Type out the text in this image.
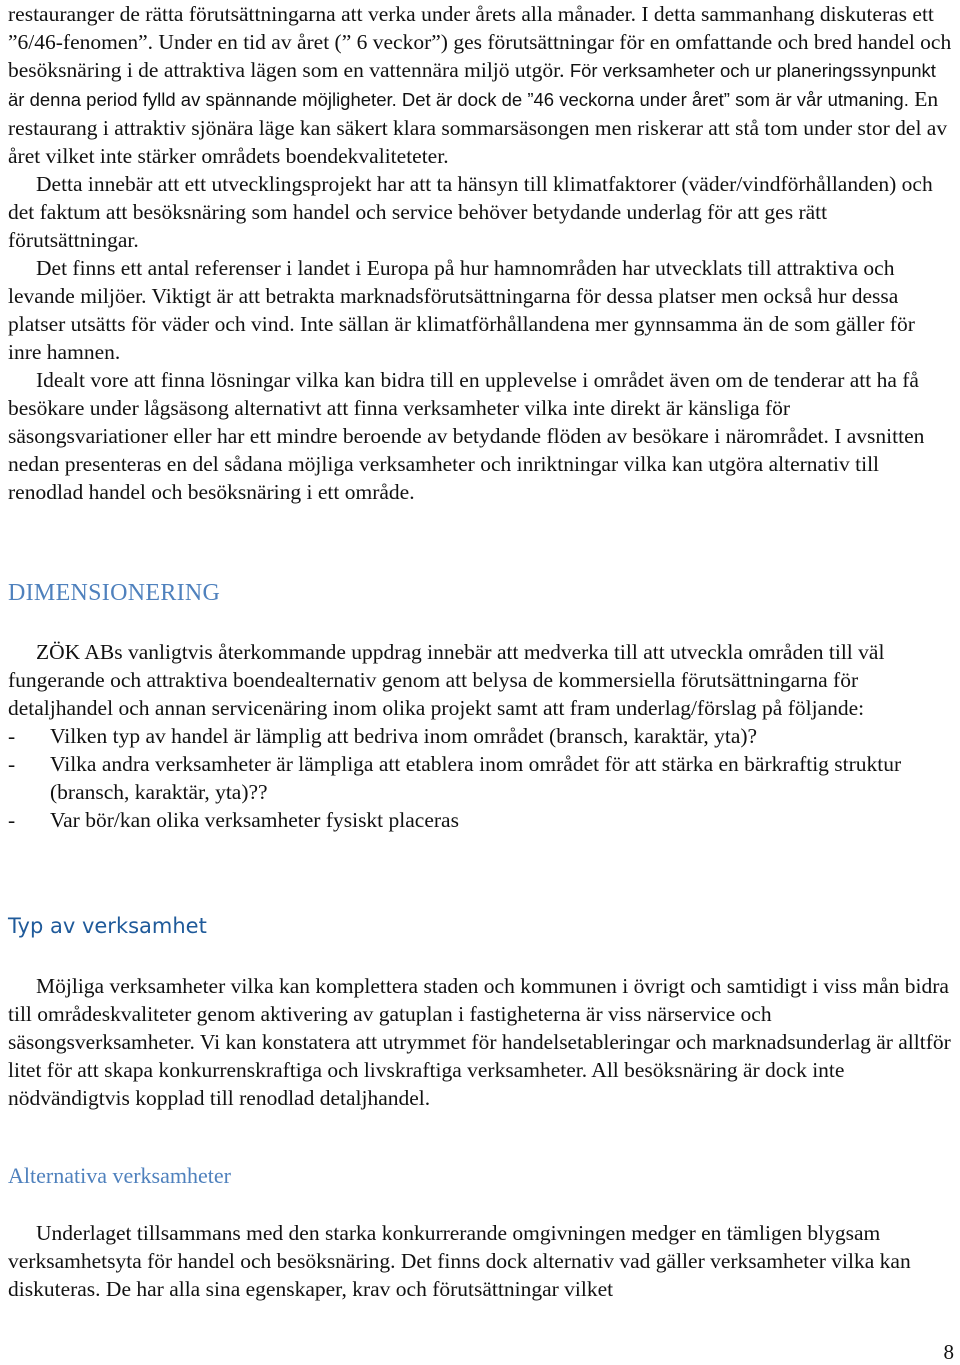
restauranger de rätta förutsättningarna att verka under årets alla månader. I detta sammanhang diskuteras ett ”6/46-fenomen”. Under en tid av året (” 6 veckor”) ges förutsättningar för en omfattande och bred handel och besöksnäring i de attraktiva lägen som en vattennära miljö utgör. För verksamheter och ur planeringssynpunkt är denna period fylld av spännande möjligheter. Det är dock de ”46 veckorna under året” som är vår utmaning. En restaurang i attraktiv sjönära läge kan säkert klara sommarsäsongen men riskerar att stå tom under stor del av året vilket inte stärker områdets boendekvaliteteter.

Detta innebär att ett utvecklingsprojekt har att ta hänsyn till klimatfaktorer (väder/vindförhållanden) och det faktum att besöksnäring som handel och service behöver betydande underlag för att ges rätt förutsättningar.

Det finns ett antal referenser i landet i Europa på hur hamnområden har utvecklats till attraktiva och levande miljöer. Viktigt är att betrakta marknadsförutsättningarna för dessa platser men också hur dessa platser utsätts för väder och vind. Inte sällan är klimatförhållandena mer gynnsamma än de som gäller för inre hamnen.

Idealt vore att finna lösningar vilka kan bidra till en upplevelse i området även om de tenderar att ha få besökare under lågsäsong alternativt att finna verksamheter vilka inte direkt är känsliga för säsongsvariationer eller har ett mindre beroende av betydande flöden av besökare i närområdet. I avsnitten nedan presenteras en del sådana möjliga verksamheter och inriktningar vilka kan utgöra alternativ till renodlad handel och besöksnäring i ett område.

DIMENSIONERING

ZÖK ABs vanligtvis återkommande uppdrag innebär att medverka till att utveckla områden till väl fungerande och attraktiva boendealternativ genom att belysa de kommersiella förutsättningarna för detaljhandel och annan servicenäring inom olika projekt samt att fram underlag/förslag på följande:

- Vilken typ av handel är lämplig att bedriva inom området (bransch, karaktär, yta)?
- Vilka andra verksamheter är lämpliga att etablera inom området för att stärka en bärkraftig struktur (bransch, karaktär, yta)??
- Var bör/kan olika verksamheter fysiskt placeras
Typ av verksamhet

Möjliga verksamheter vilka kan komplettera staden och kommunen i övrigt och samtidigt i viss mån bidra till områdeskvaliteter genom aktivering av gatuplan i fastigheterna är viss närservice och säsongsverksamheter. Vi kan konstatera att utrymmet för handelsetableringar och marknadsunderlag är alltför litet för att skapa konkurrenskraftiga och livskraftiga verksamheter. All besöksnäring är dock inte nödvändigtvis kopplad till renodlad detaljhandel.

Alternativa verksamheter

Underlaget tillsammans med den starka konkurrerande omgivningen medger en tämligen blygsam verksamhetsyta för handel och besöksnäring. Det finns dock alternativ vad gäller verksamheter vilka kan diskuteras. De har alla sina egenskaper, krav och förutsättningar vilket

8
